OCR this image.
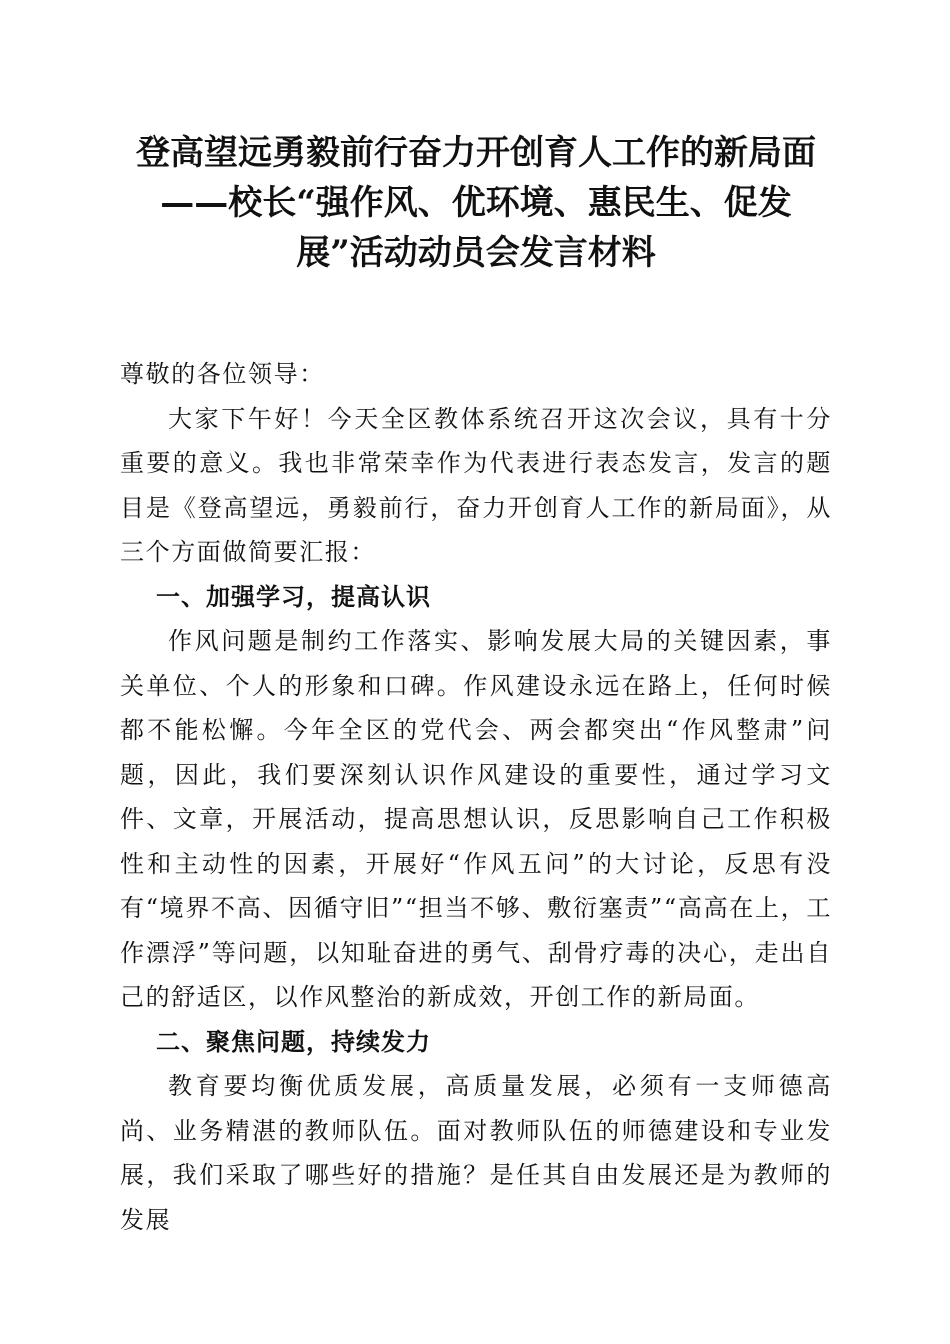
登高望远勇毅前行奋力开创育人工作的新局面
——校长“强作风、优环境、惠民生、促发
展”活动动员会发言材料

尊敬的各位领导：

大家下午好！今天全区教体系统召开这次会议，具有十分重要的意义。我也非常荣幸作为代表进行表态发言，发言的题目是《登高望远，勇毅前行，奋力开创育人工作的新局面》，从三个方面做简要汇报：

一、加强学习，提高认识

作风问题是制约工作落实、影响发展大局的关键因素，事关单位、个人的形象和口碑。作风建设永远在路上，任何时候都不能松懈。今年全区的党代会、两会都突出“作风整肃”问题，因此，我们要深刻认识作风建设的重要性，通过学习文件、文章，开展活动，提高思想认识，反思影响自己工作积极性和主动性的因素，开展好“作风五问”的大讨论，反思有没有“境界不高、因循守旧”“担当不够、敷衍塞责”“高高在上，工作漂浮”等问题，以知耻奋进的勇气、刮骨疗毒的决心，走出自己的舒适区，以作风整治的新成效，开创工作的新局面。

二、聚焦问题，持续发力

教育要均衡优质发展，高质量发展，必须有一支师德高尚、业务精湛的教师队伍。面对教师队伍的师德建设和专业发展，我们采取了哪些好的措施？是任其自由发展还是为教师的发展
